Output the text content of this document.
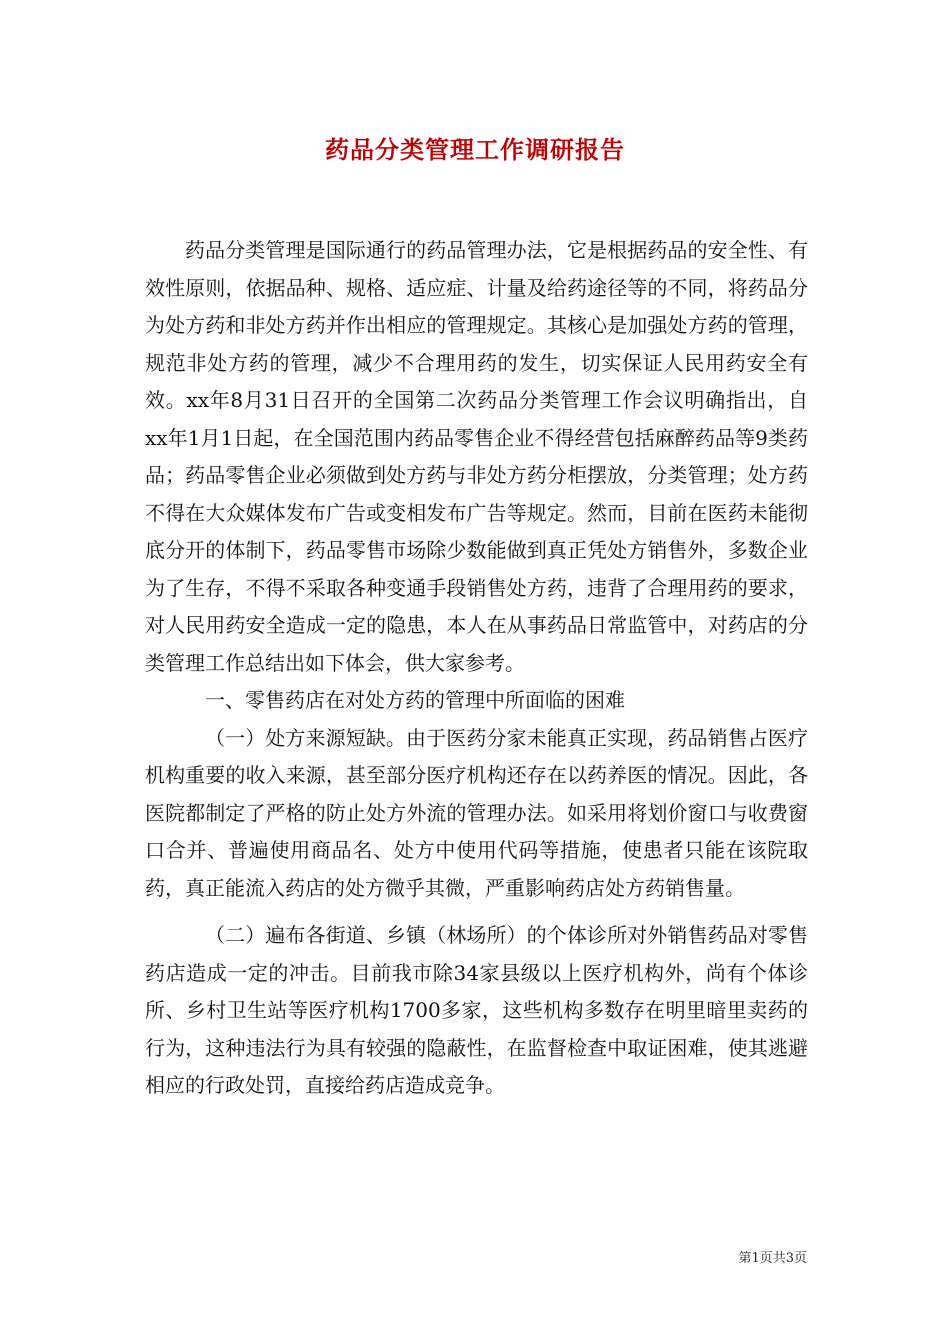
药品分类管理工作调研报告

药品分类管理是国际通行的药品管理办法，它是根据药品的安全性、有效性原则，依据品种、规格、适应症、计量及给药途径等的不同，将药品分为处方药和非处方药并作出相应的管理规定。其核心是加强处方药的管理，规范非处方药的管理，减少不合理用药的发生，切实保证人民用药安全有效。xx年8月31日召开的全国第二次药品分类管理工作会议明确指出，自xx年1月1日起，在全国范围内药品零售企业不得经营包括麻醉药品等9类药品；药品零售企业必须做到处方药与非处方药分柜摆放，分类管理；处方药不得在大众媒体发布广告或变相发布广告等规定。然而，目前在医药未能彻底分开的体制下，药品零售市场除少数能做到真正凭处方销售外，多数企业为了生存，不得不采取各种变通手段销售处方药，违背了合理用药的要求，对人民用药安全造成一定的隐患，本人在从事药品日常监管中，对药店的分类管理工作总结出如下体会，供大家参考。

一、零售药店在对处方药的管理中所面临的困难

（一）处方来源短缺。由于医药分家未能真正实现，药品销售占医疗机构重要的收入来源，甚至部分医疗机构还存在以药养医的情况。因此，各医院都制定了严格的防止处方外流的管理办法。如采用将划价窗口与收费窗口合并、普遍使用商品名、处方中使用代码等措施，使患者只能在该院取药，真正能流入药店的处方微乎其微，严重影响药店处方药销售量。

（二）遍布各街道、乡镇（林场所）的个体诊所对外销售药品对零售药店造成一定的冲击。目前我市除34家县级以上医疗机构外，尚有个体诊所、乡村卫生站等医疗机构1700多家，这些机构多数存在明里暗里卖药的行为，这种违法行为具有较强的隐蔽性，在监督检查中取证困难，使其逃避相应的行政处罚，直接给药店造成竞争。

第1页共3页
